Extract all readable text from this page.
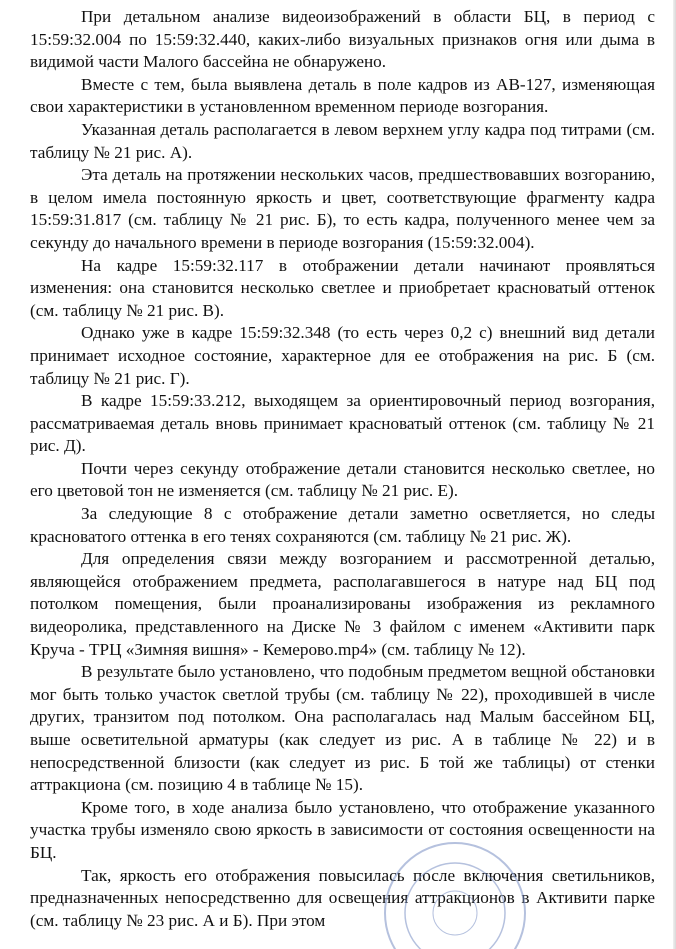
При детальном анализе видеоизображений в области БЦ, в период с 15:59:32.004 по 15:59:32.440, каких-либо визуальных признаков огня или дыма в видимой части Малого бассейна не обнаружено.

Вместе с тем, была выявлена деталь в поле кадров из АВ-127, изменяющая свои характеристики в установленном временном периоде возгорания.

Указанная деталь располагается в левом верхнем углу кадра под титрами (см. таблицу № 21 рис. А).

Эта деталь на протяжении нескольких часов, предшествовавших возгоранию, в целом имела постоянную яркость и цвет, соответствующие фрагменту кадра 15:59:31.817 (см. таблицу № 21 рис. Б), то есть кадра, полученного менее чем за секунду до начального времени в периоде возгорания (15:59:32.004).

На кадре 15:59:32.117 в отображении детали начинают проявляться изменения: она становится несколько светлее и приобретает красноватый оттенок (см. таблицу № 21 рис. В).

Однако уже в кадре 15:59:32.348 (то есть через 0,2 с) внешний вид детали принимает исходное состояние, характерное для ее отображения на рис. Б (см. таблицу № 21 рис. Г).

В кадре 15:59:33.212, выходящем за ориентировочный период возгорания, рассматриваемая деталь вновь принимает красноватый оттенок (см. таблицу № 21 рис. Д).

Почти через секунду отображение детали становится несколько светлее, но его цветовой тон не изменяется (см. таблицу № 21 рис. Е).

За следующие 8 с отображение детали заметно осветляется, но следы красноватого оттенка в его тенях сохраняются (см. таблицу № 21 рис. Ж).

Для определения связи между возгоранием и рассмотренной деталью, являющейся отображением предмета, располагавшегося в натуре над БЦ под потолком помещения, были проанализированы изображения из рекламного видеоролика, представленного на Диске № 3 файлом с именем «Активити парк Круча - ТРЦ «Зимняя вишня» - Кемерово.mp4» (см. таблицу № 12).

В результате было установлено, что подобным предметом вещной обстановки мог быть только участок светлой трубы (см. таблицу № 22), проходившей в числе других, транзитом под потолком. Она располагалась над Малым бассейном БЦ, выше осветительной арматуры (как следует из рис. А в таблице № 22) и в непосредственной близости (как следует из рис. Б той же таблицы) от стенки аттракциона (см. позицию 4 в таблице № 15).

Кроме того, в ходе анализа было установлено, что отображение указанного участка трубы изменяло свою яркость в зависимости от состояния освещенности на БЦ.

Так, яркость его отображения повысилась после включения светильников, предназначенных непосредственно для освещения аттракционов в Активити парке (см. таблицу № 23 рис. А и Б). При этом
